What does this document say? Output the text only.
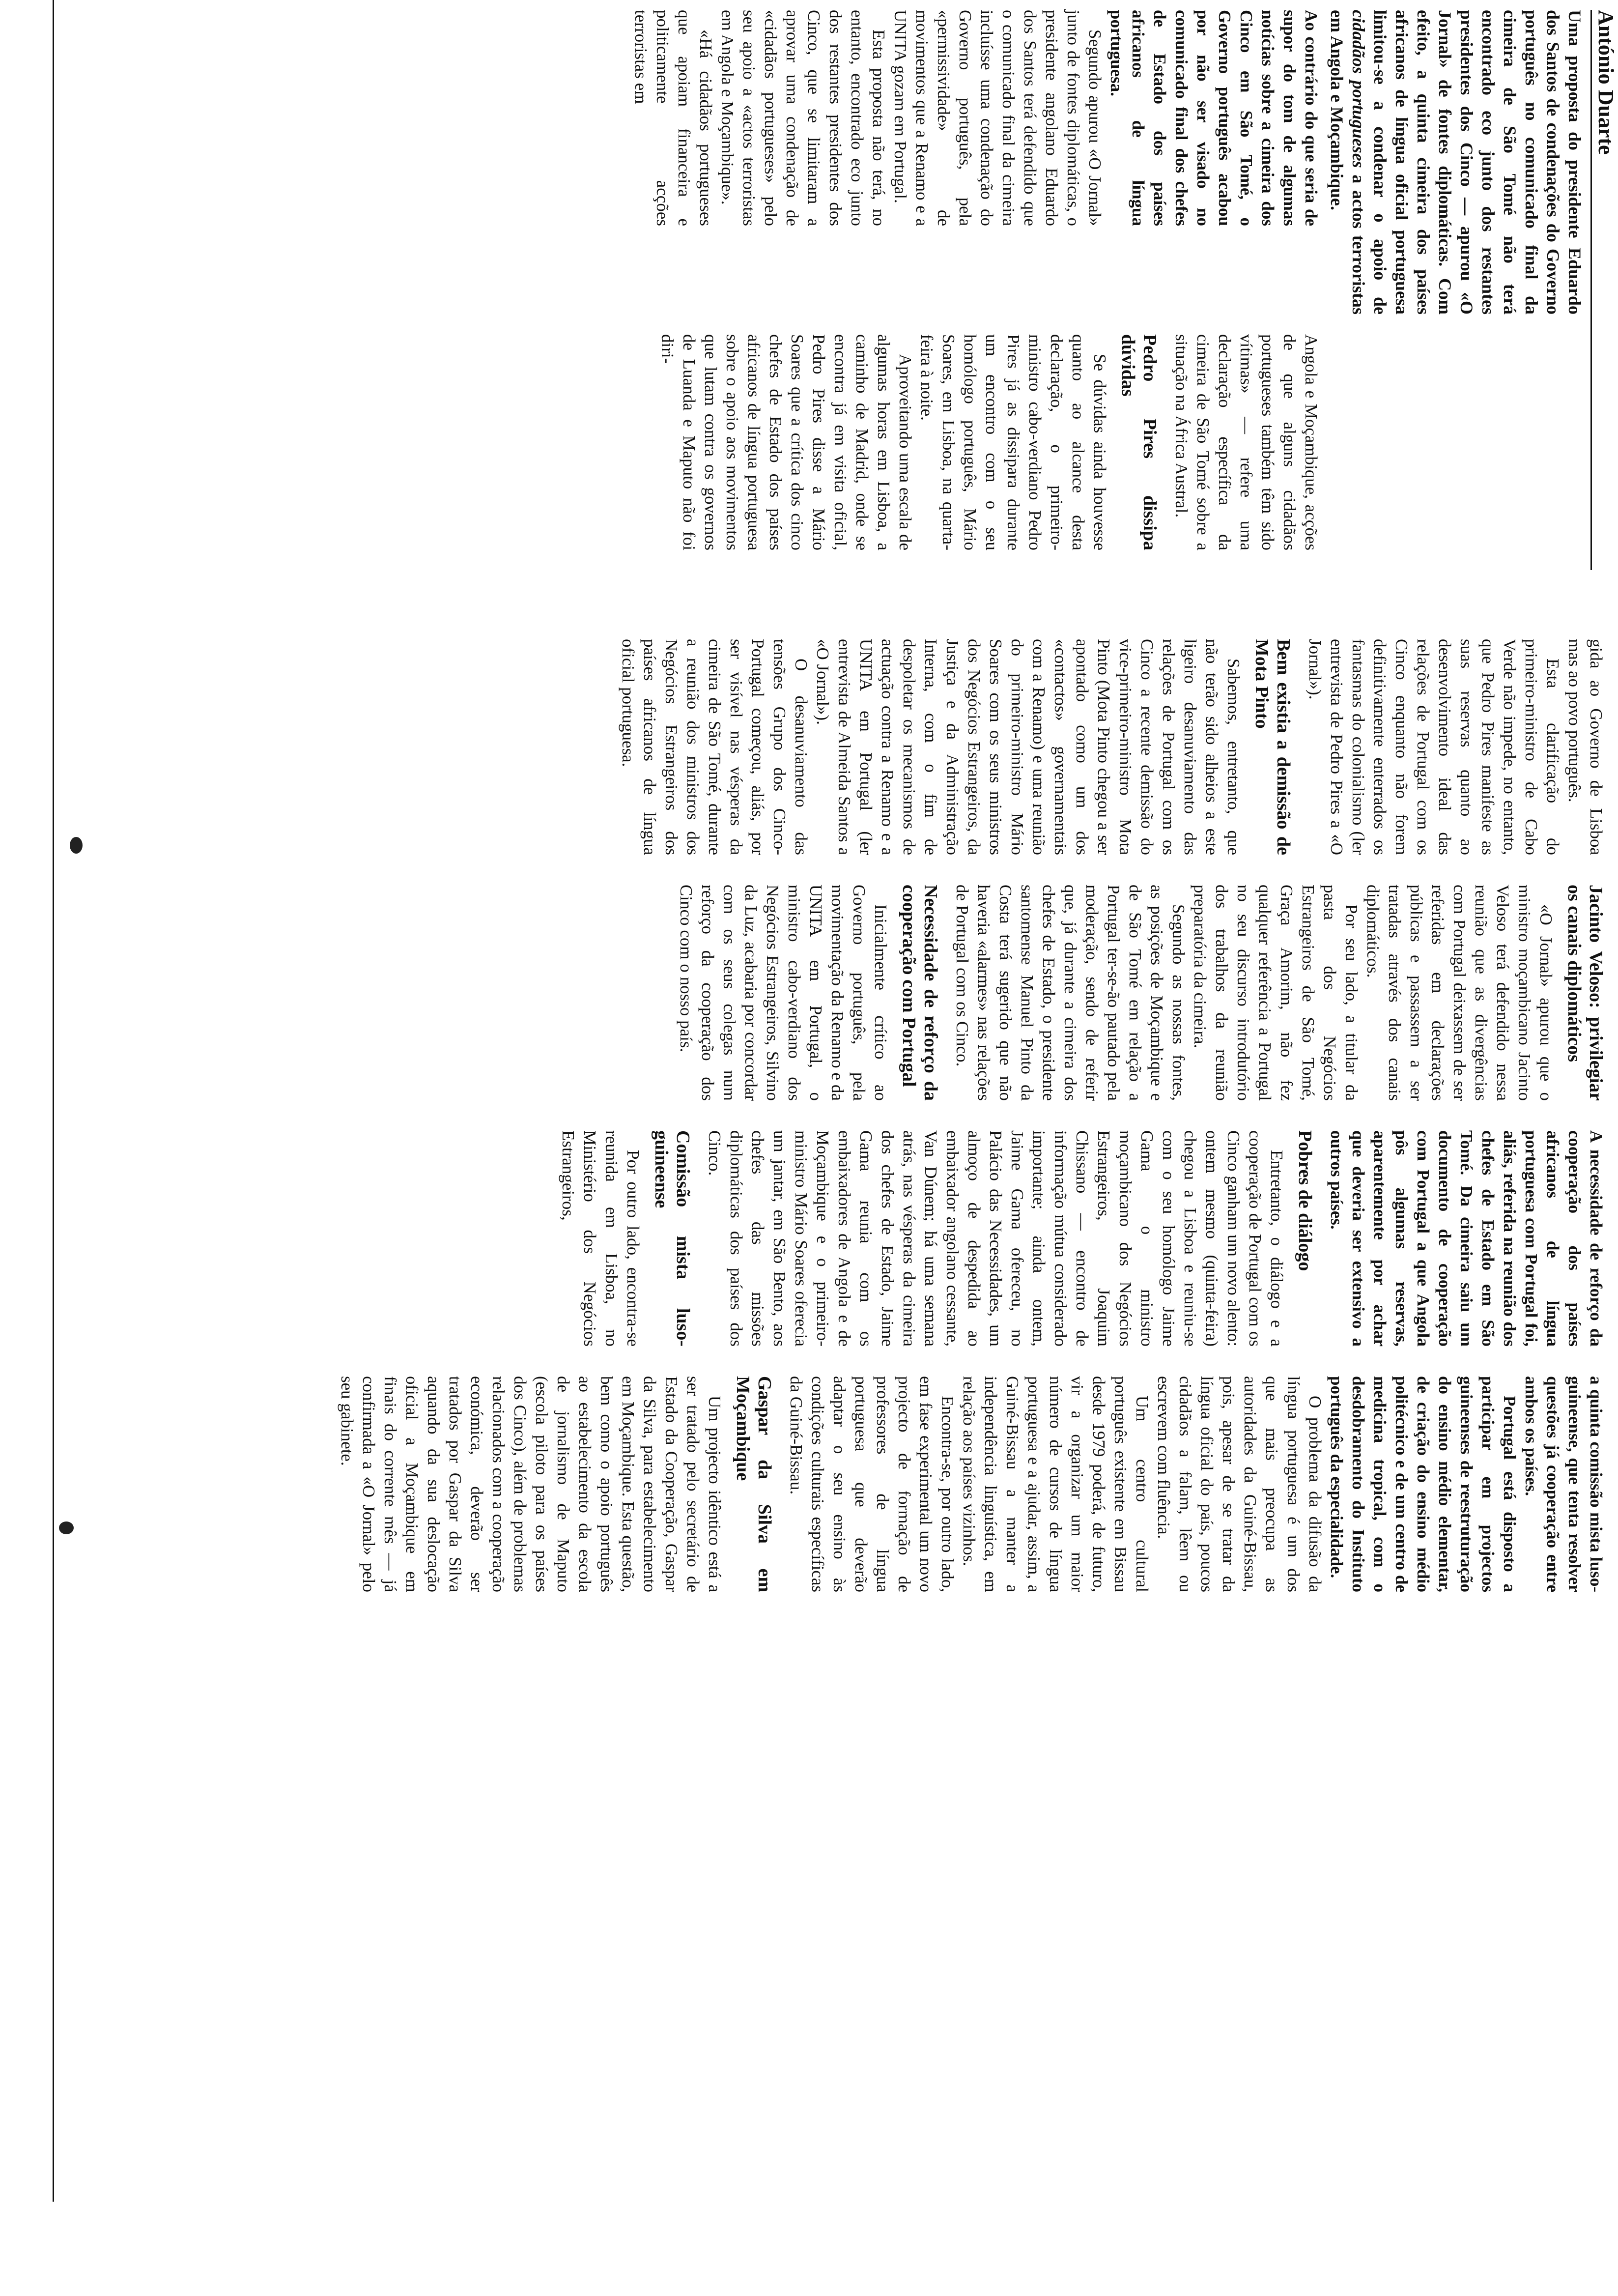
António Duarte
Uma proposta do presidente Eduardo dos Santos de condenações do Governo português no comunicado final da cimeira de São Tomé não terá encontrado eco junto dos restantes presidentes dos Cinco — apurou «O Jornal» de fontes diplomáticas. Com efeito, a quinta cimeira dos países africanos de língua oficial portuguesa limitou-se a condenar o apoio de cidadãos portugueses a actos terroristas em Angola e Moçambique.

Ao contrário do que seria de supor do tom de algumas notícias sobre a cimeira dos Cinco em São Tomé, o Governo português acabou por não ser visado no comunicado final dos chefes de Estado dos países africanos de língua portuguesa.

Segundo apurou «O Jornal» junto de fontes diplomáticas, o presidente angolano Eduardo dos Santos terá defendido que o comunicado final da cimeira incluísse uma condenação do Governo português, pela «permissividade» de movimentos que a Renamo e a UNITA gozam em Portugal.

Esta proposta não terá, no entanto, encontrado eco junto dos restantes presidentes dos Cinco, que se limitaram a aprovar uma condenação de «cidadãos portugueses» pelo seu apoio a «actos terroristas em Angola e Moçambique».

«Há cidadãos portugueses que apoiam financeira e politicamente acções terroristas em

Angola e Moçambique, acções de que alguns cidadãos portugueses também têm sido vítimas» — refere uma declaração específica da cimeira de São Tomé sobre a situação na África Austral.

Pedro Pires dissipa dúvidas

Se dúvidas ainda houvesse quanto ao alcance desta declaração, o primeiro-ministro cabo-verdiano Pedro Pires já as dissipara durante um encontro com o seu homólogo português, Mário Soares, em Lisboa, na quarta-feira à noite.

Aproveitando uma escala de algumas horas em Lisboa, a caminho de Madrid, onde se encontra já em visita oficial, Pedro Pires disse a Mário Soares que a crítica dos cinco chefes de Estado dos países africanos de língua portuguesa sobre o apoio aos movimentos que lutam contra os governos de Luanda e Maputo não foi diri-

gida ao Governo de Lisboa mas ao povo português.

Esta clarificação do primeiro-ministro de Cabo Verde não impede, no entanto, que Pedro Pires manifeste as suas reservas quanto ao desenvolvimento ideal das relações de Portugal com os Cinco enquanto não forem definitivamente enterrados os fantasmas do colonialismo (ler entrevista de Pedro Pires a «O Jornal»).

Bem existia a demissão de Mota Pinto

Sabemos, entretanto, que não terão sido alheios a este ligeiro desanuviamento das relações de Portugal com os Cinco a recente demissão do vice-primeiro-ministro Mota Pinto (Mota Pinto chegou a ser apontado como um dos «contactos» governamentais com a Renamo) e uma reunião do primeiro-ministro Mário Soares com os seus ministros dos Negócios Estrangeiros, da Justiça e da Administração Interna, com o fim de despoletar os mecanismos de actuação contra a Renamo e a UNITA em Portugal (ler entrevista de Almeida Santos a «O Jornal»).

O desanuviamento das tensões Grupo dos Cinco-Portugal começou, aliás, por ser visível nas vésperas da cimeira de São Tomé, durante a reunião dos ministros dos Negócios Estrangeiros dos países africanos de língua oficial portuguesa.

Jacinto Veloso: privilegiar os canais diplomáticos

«O Jornal» apurou que o ministro moçambicano Jacinto Veloso terá defendido nessa reunião que as divergências com Portugal deixassem de ser referidas em declarações públicas e passassem a ser tratadas através dos canais diplomáticos.

Por seu lado, a titular da pasta dos Negócios Estrangeiros de São Tomé, Graça Amorim, não fez qualquer referência a Portugal no seu discurso introdutório dos trabalhos da reunião preparatória da cimeira.

Segundo as nossas fontes, as posições de Moçambique e de São Tomé em relação a Portugal ter-se-ão pautado pela moderação, sendo de referir que, já durante a cimeira dos chefes de Estado, o presidente santomense Manuel Pinto da Costa terá sugerido que não haveria «alarmes» nas relações de Portugal com os Cinco.

Necessidade de reforço da cooperação com Portugal

Inicialmente crítico ao Governo português, pela movimentação da Renamo e da UNITA em Portugal, o ministro cabo-verdiano dos Negócios Estrangeiros, Silvino da Luz, acabaria por concordar com os seus colegas num reforço da cooperação dos Cinco com o nosso país.

A necessidade de reforço da cooperação dos países africanos de língua portuguesa com Portugal foi, aliás, referida na reunião dos chefes de Estado em São Tomé. Da cimeira saiu um documento de cooperação com Portugal a que Angola pôs algumas reservas, aparentemente por achar que deveria ser extensivo a outros países.

Pobres de diálogo

Entretanto, o diálogo e a cooperação de Portugal com os Cinco ganham um novo alento: ontem mesmo (quinta-feira) chegou a Lisboa e reuniu-se com o seu homólogo Jaime Gama o ministro moçambicano dos Negócios Estrangeiros, Joaquim Chissano — encontro de informação mútua considerado importante; ainda ontem, Jaime Gama ofereceu, no Palácio das Necessidades, um almoço de despedida ao embaixador angolano cessante, Van Dúnem; há uma semana atrás, nas vésperas da cimeira dos chefes de Estado, Jaime Gama reunia com os embaixadores de Angola e de Moçambique e o primeiro-ministro Mário Soares oferecia um jantar, em São Bento, aos chefes das missões diplomáticas dos países dos Cinco.

Comissão mista luso-guineense

Por outro lado, encontra-se reunida em Lisboa, no Ministério dos Negócios Estrangeiros,

a quinta comissão mista luso-guineense, que tenta resolver questões já cooperação entre ambos os países.

Portugal está disposto a participar em projectos guineenses de reestruturação do ensino médio elementar, de criação do ensino médio politécnico e de um centro de medicina tropical, com o desdobramento do Instituto português da especialidade.

O problema da difusão da língua portuguesa é um dos que mais preocupa as autoridades da Guiné-Bissau, pois, apesar de se tratar da língua oficial do país, poucos cidadãos a falam, lêem ou escrevem com fluência.

Um centro cultural português existente em Bissau desde 1979 poderá, de futuro, vir a organizar um maior número de cursos de língua portuguesa e a ajudar, assim, a Guiné-Bissau a manter a independência linguística, em relação aos países vizinhos.

Encontra-se, por outro lado, em fase experimental um novo projecto de formação de professores de língua portuguesa que deverão adaptar o seu ensino às condições culturais específicas da Guiné-Bissau.

Gaspar da Silva em Moçambique

Um projecto idêntico está a ser tratado pelo secretário de Estado da Cooperação, Gaspar da Silva, para estabelecimento em Moçambique. Esta questão, bem como o apoio português ao estabelecimento da escola de jornalismo de Maputo (escola piloto para os países dos Cinco), além de problemas relacionados com a cooperação económica, deverão ser tratados por Gaspar da Silva aquando da sua deslocação oficial a Moçambique em finais do corrente mês — já confirmada a «O Jornal» pelo seu gabinete.
